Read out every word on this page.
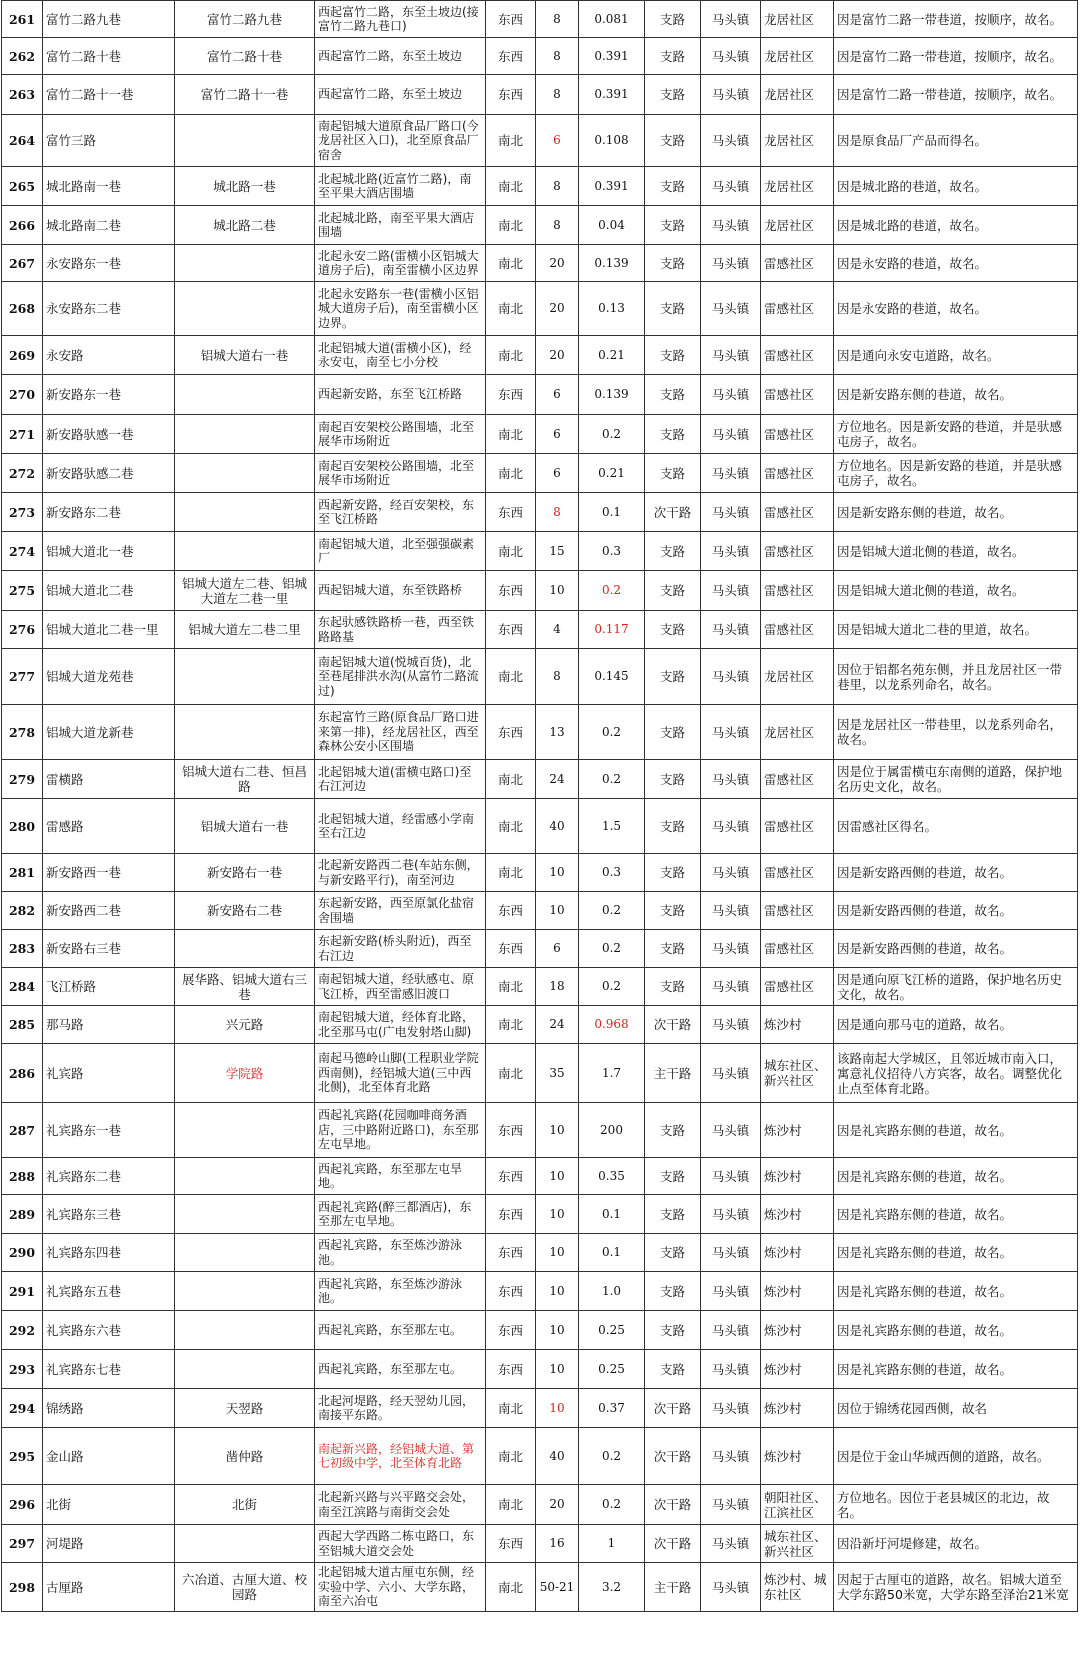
261	富竹二路九巷	富竹二路九巷	西起富竹二路，东至土坡边(接富竹二路九巷口)	东西	8	0.081	支路	马头镇	龙居社区	因是富竹二路一带巷道，按顺序，故名。
262	富竹二路十巷	富竹二路十巷	西起富竹二路，东至土坡边	东西	8	0.391	支路	马头镇	龙居社区	因是富竹二路一带巷道，按顺序，故名。
263	富竹二路十一巷	富竹二路十一巷	西起富竹二路，东至土坡边	东西	8	0.391	支路	马头镇	龙居社区	因是富竹二路一带巷道，按顺序，故名。
264	富竹三路		南起铝城大道原食品厂路口(今龙居社区入口)，北至原食品厂宿舍	南北	6	0.108	支路	马头镇	龙居社区	因是原食品厂产品而得名。
265	城北路南一巷	城北路一巷	北起城北路(近富竹二路)，南至平果大酒店围墙	南北	8	0.391	支路	马头镇	龙居社区	因是城北路的巷道，故名。
266	城北路南二巷	城北路二巷	北起城北路，南至平果大酒店围墙	南北	8	0.04	支路	马头镇	龙居社区	因是城北路的巷道，故名。
267	永安路东一巷		北起永安二路(雷横小区铝城大道房子后)，南至雷横小区边界	南北	20	0.139	支路	马头镇	雷感社区	因是永安路的巷道，故名。
268	永安路东二巷		北起永安路东一巷(雷横小区铝城大道房子后)，南至雷横小区边界。	南北	20	0.13	支路	马头镇	雷感社区	因是永安路的巷道，故名。
269	永安路	铝城大道右一巷	北起铝城大道(雷横小区)，经永安屯，南至七小分校	南北	20	0.21	支路	马头镇	雷感社区	因是通向永安屯道路，故名。
270	新安路东一巷		西起新安路，东至飞江桥路	东西	6	0.139	支路	马头镇	雷感社区	因是新安路东侧的巷道，故名。
271	新安路驮感一巷		南起百安架校公路围墙，北至展华市场附近	南北	6	0.2	支路	马头镇	雷感社区	方位地名。因是新安路的巷道，并是驮感屯房子，故名。
272	新安路驮感二巷		南起百安架校公路围墙，北至展华市场附近	南北	6	0.21	支路	马头镇	雷感社区	方位地名。因是新安路的巷道，并是驮感屯房子，故名。
273	新安路东二巷		西起新安路，经百安架校，东至飞江桥路	东西	8	0.1	次干路	马头镇	雷感社区	因是新安路东侧的巷道，故名。
274	铝城大道北一巷		南起铝城大道，北至强强碳素厂	南北	15	0.3	支路	马头镇	雷感社区	因是铝城大道北侧的巷道，故名。
275	铝城大道北二巷	铝城大道左二巷、铝城大道左二巷一里	西起铝城大道，东至铁路桥	东西	10	0.2	支路	马头镇	雷感社区	因是铝城大道北侧的巷道，故名。
276	铝城大道北二巷一里	铝城大道左二巷二里	东起驮感铁路桥一巷，西至铁路路基	东西	4	0.117	支路	马头镇	雷感社区	因是铝城大道北二巷的里道，故名。
277	铝城大道龙苑巷		南起铝城大道(悦城百货)，北至巷尾排洪水沟(从富竹二路流过)	南北	8	0.145	支路	马头镇	龙居社区	因位于铝都名苑东侧，并且龙居社区一带巷里，以龙系列命名，故名。
278	铝城大道龙新巷		东起富竹三路(原食品厂路口进来第一排)，经龙居社区，西至森林公安小区围墙	东西	13	0.2	支路	马头镇	龙居社区	因是龙居社区一带巷里，以龙系列命名，故名。
279	雷横路	铝城大道右二巷、恒昌路	北起铝城大道(雷横屯路口)至右江河边	南北	24	0.2	支路	马头镇	雷感社区	因是位于属雷横屯东南侧的道路，保护地名历史文化，故名。
280	雷感路	铝城大道右一巷	北起铝城大道，经雷感小学南至右江边	南北	40	1.5	支路	马头镇	雷感社区	因雷感社区得名。
281	新安路西一巷	新安路右一巷	北起新安路西二巷(车站东侧，与新安路平行)，南至河边	南北	10	0.3	支路	马头镇	雷感社区	因是新安路西侧的巷道，故名。
282	新安路西二巷	新安路右二巷	东起新安路，西至原氯化盐宿舍围墙	东西	10	0.2	支路	马头镇	雷感社区	因是新安路西侧的巷道，故名。
283	新安路右三巷		东起新安路(桥头附近)，西至右江边	东西	6	0.2	支路	马头镇	雷感社区	因是新安路西侧的巷道，故名。
284	飞江桥路	展华路、铝城大道右三巷	南起铝城大道，经驮感屯、原飞江桥，西至雷感旧渡口	南北	18	0.2	支路	马头镇	雷感社区	因是通向原飞江桥的道路，保护地名历史文化，故名。
285	那马路	兴元路	南起铝城大道，经体育北路，北至那马屯(广电发射塔山脚)	南北	24	0.968	次干路	马头镇	炼沙村	因是通向那马屯的道路，故名。
286	礼宾路	学院路	南起马德岭山脚(工程职业学院西南侧)，经铝城大道(三中西北侧)，北至体育北路	南北	35	1.7	主干路	马头镇	城东社区、新兴社区	该路南起大学城区，且邻近城市南入口，寓意礼仪招待八方宾客，故名。调整优化止点至体育北路。
287	礼宾路东一巷		西起礼宾路(花园咖啡商务酒店，三中路附近路口)，东至那左屯旱地。	东西	10	200	支路	马头镇	炼沙村	因是礼宾路东侧的巷道，故名。
288	礼宾路东二巷		西起礼宾路，东至那左屯旱地。	东西	10	0.35	支路	马头镇	炼沙村	因是礼宾路东侧的巷道，故名。
289	礼宾路东三巷		西起礼宾路(醉三都酒店)，东至那左屯旱地。	东西	10	0.1	支路	马头镇	炼沙村	因是礼宾路东侧的巷道，故名。
290	礼宾路东四巷		西起礼宾路，东至炼沙游泳池。	东西	10	0.1	支路	马头镇	炼沙村	因是礼宾路东侧的巷道，故名。
291	礼宾路东五巷		西起礼宾路，东至炼沙游泳池。	东西	10	1.0	支路	马头镇	炼沙村	因是礼宾路东侧的巷道，故名。
292	礼宾路东六巷		西起礼宾路，东至那左屯。	东西	10	0.25	支路	马头镇	炼沙村	因是礼宾路东侧的巷道，故名。
293	礼宾路东七巷		西起礼宾路，东至那左屯。	东西	10	0.25	支路	马头镇	炼沙村	因是礼宾路东侧的巷道，故名。
294	锦绣路	天翌路	北起河堤路，经天翌幼儿园，南接平东路。	南北	10	0.37	次干路	马头镇	炼沙村	因位于锦绣花园西侧，故名
295	金山路	凿仲路	南起新兴路，经铝城大道、第七初级中学，北至体育北路	南北	40	0.2	次干路	马头镇	炼沙村	因是位于金山华城西侧的道路，故名。
296	北街	北街	北起新兴路与兴平路交会处，南至江滨路与南街交会处	南北	20	0.2	次干路	马头镇	朝阳社区、江滨社区	方位地名。因位于老县城区的北边，故名。
297	河堤路		西起大学西路二栋屯路口，东至铝城大道交会处	东西	16	1	次干路	马头镇	城东社区、新兴社区	因沿新圩河堤修建，故名。
298	古厘路	六冶道、古厘大道、校园路	北起铝城大道古厘屯东侧，经实验中学、六小、大学东路，南至六冶屯	南北	50-21	3.2	主干路	马头镇	炼沙村、城东社区	因起于古厘屯的道路，故名。铝城大道至大学东路50米宽，大学东路至泽治21米宽
